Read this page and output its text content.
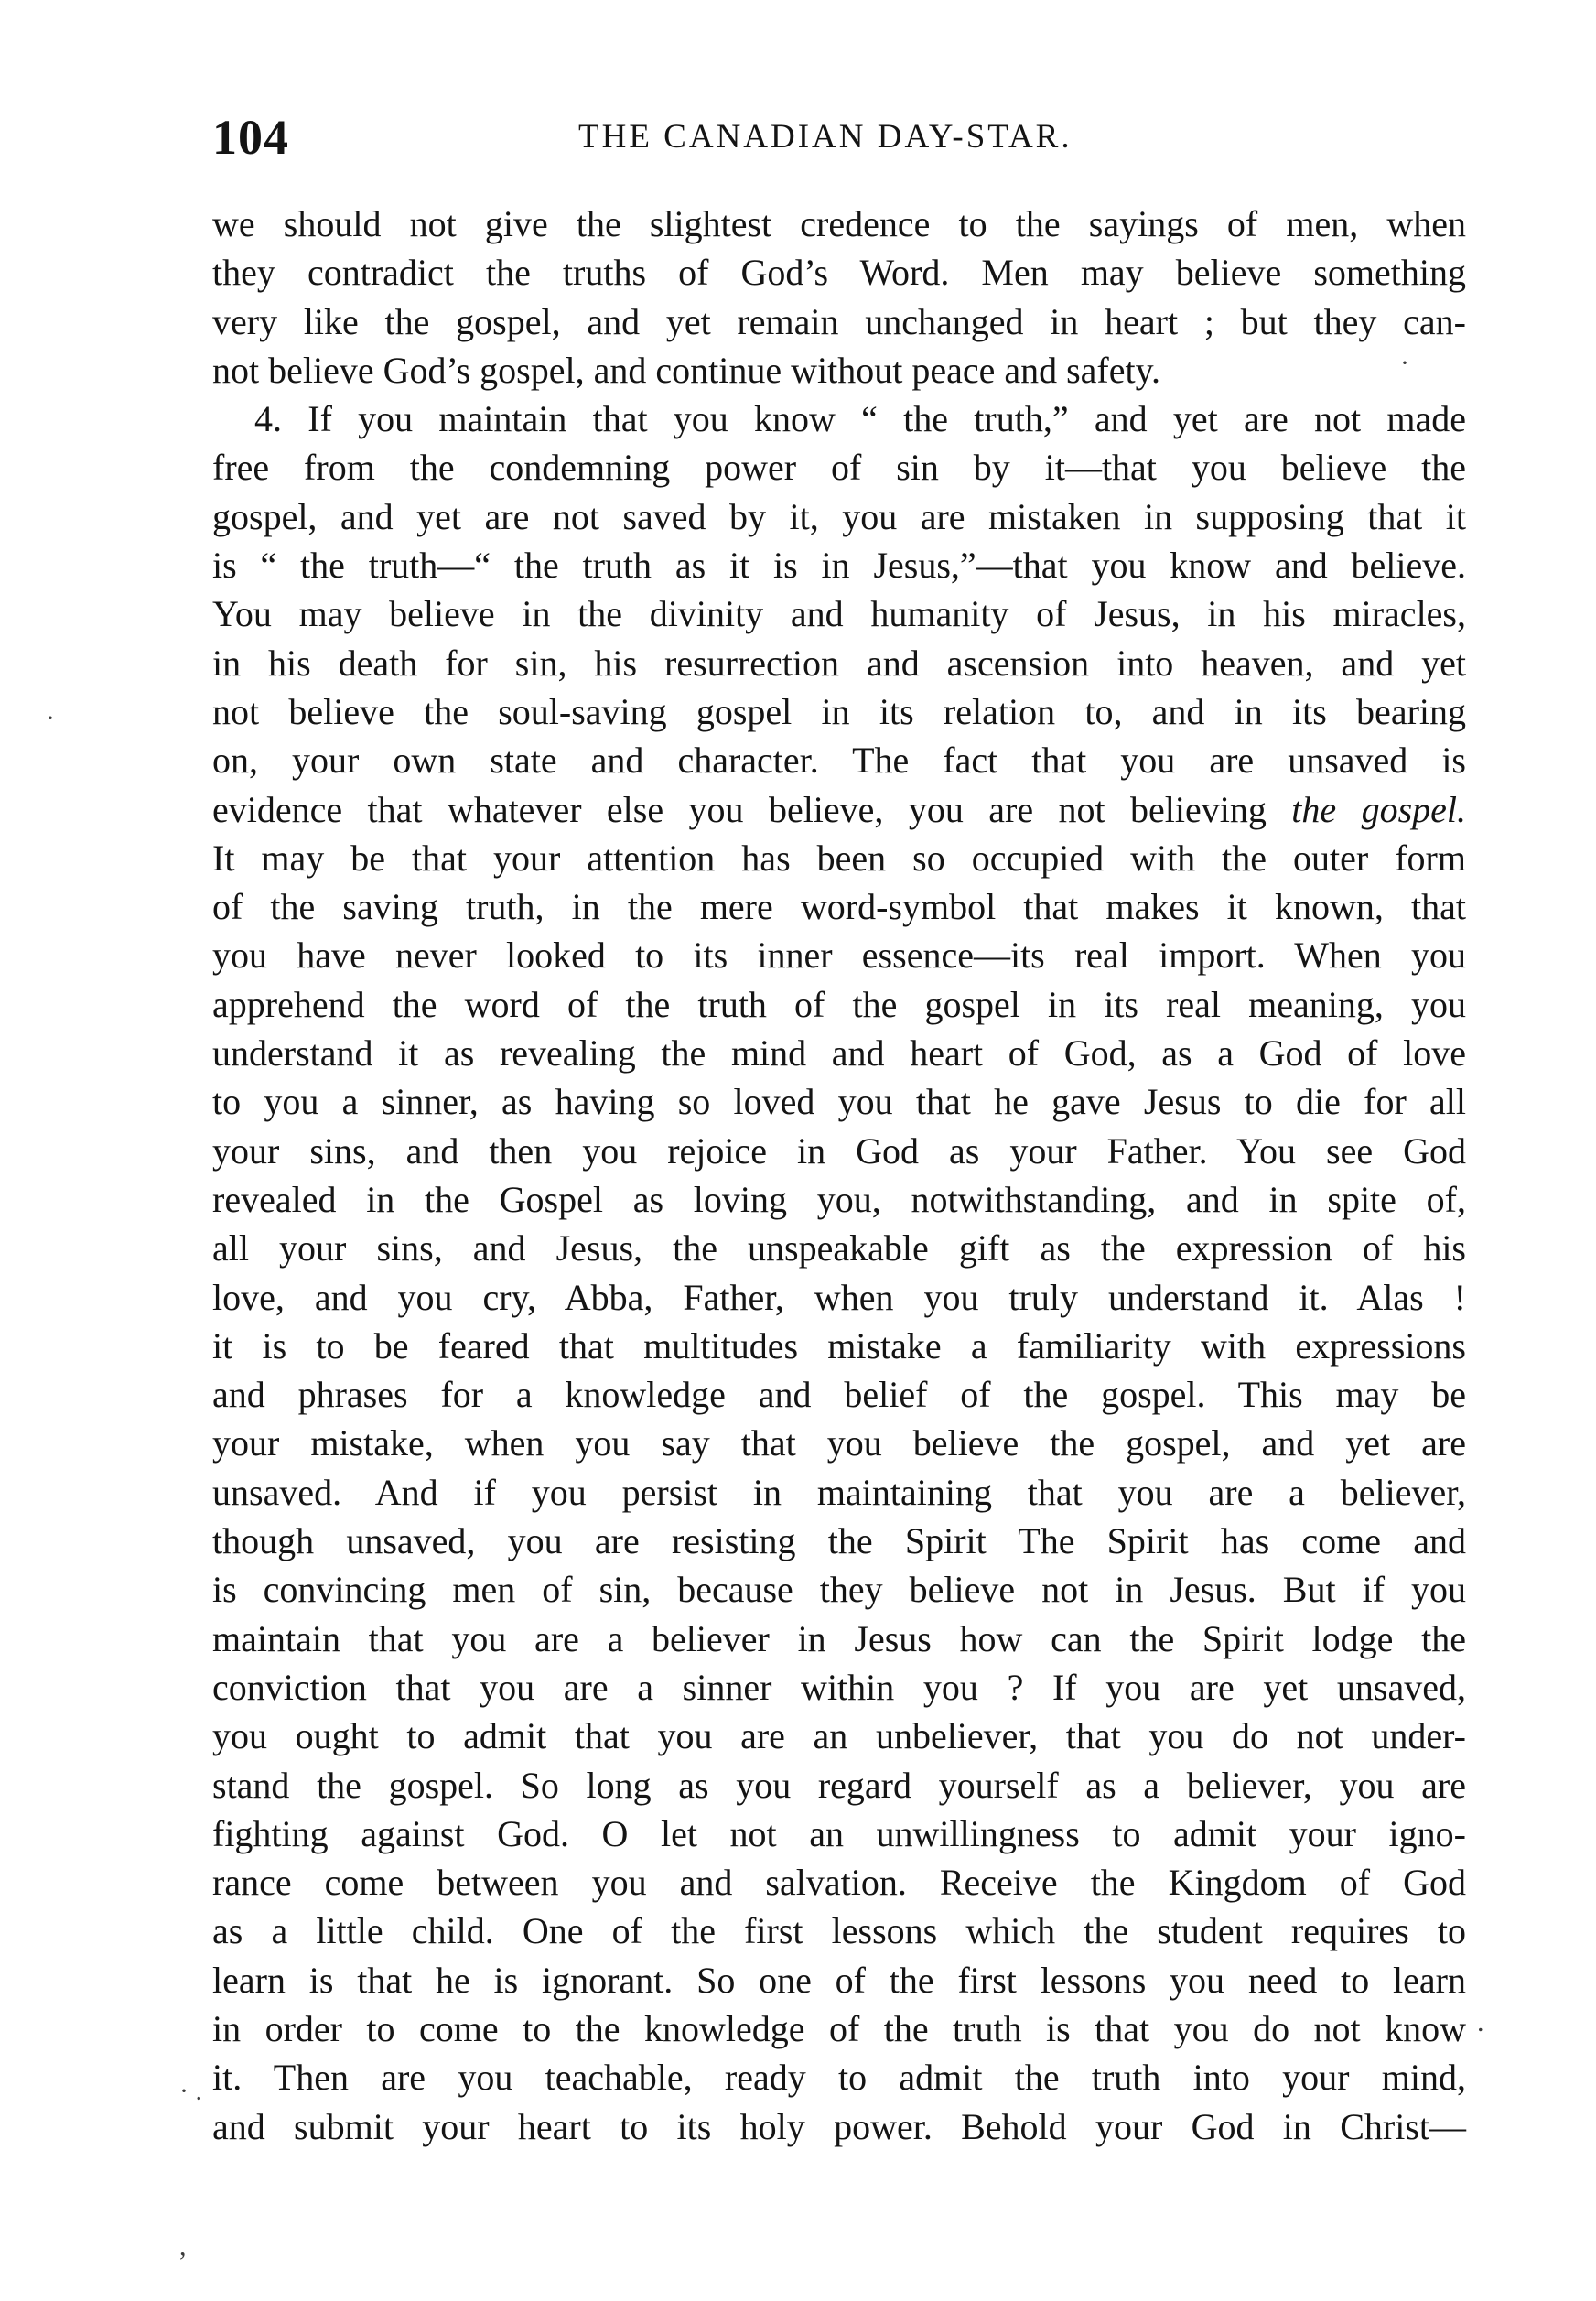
104	THE CANADIAN DAY-STAR.
we should not give the slightest credence to the sayings of men, when
they contradict the truths of God’s Word. Men may believe something
very like the gospel, and yet remain unchanged in heart ; but they can-
not believe God’s gospel, and continue without peace and safety.
4. If you maintain that you know “ the truth,” and yet are not made
free from the condemning power of sin by it—that you believe the
gospel, and yet are not saved by it, you are mistaken in supposing that it
is “ the truth—“ the truth as it is in Jesus,”—that you know and believe.
You may believe in the divinity and humanity of Jesus, in his miracles,
in his death for sin, his resurrection and ascension into heaven, and yet
not believe the soul-saving gospel in its relation to, and in its bearing
on, your own state and character. The fact that you are unsaved is
evidence that whatever else you believe, you are not believing the gospel.
It may be that your attention has been so occupied with the outer form
of the saving truth, in the mere word-symbol that makes it known, that
you have never looked to its inner essence—its real import. When you
apprehend the word of the truth of the gospel in its real meaning, you
understand it as revealing the mind and heart of God, as a God of love
to you a sinner, as having so loved you that he gave Jesus to die for all
your sins, and then you rejoice in God as your Father. You see God
revealed in the Gospel as loving you, notwithstanding, and in spite of,
all your sins, and Jesus, the unspeakable gift as the expression of his
love, and you cry, Abba, Father, when you truly understand it. Alas !
it is to be feared that multitudes mistake a familiarity with expressions
and phrases for a knowledge and belief of the gospel. This may be
your mistake, when you say that you believe the gospel, and yet are
unsaved. And if you persist in maintaining that you are a believer,
though unsaved, you are resisting the Spirit The Spirit has come and
is convincing men of sin, because they believe not in Jesus. But if you
maintain that you are a believer in Jesus how can the Spirit lodge the
conviction that you are a sinner within you ? If you are yet unsaved,
you ought to admit that you are an unbeliever, that you do not under-
stand the gospel. So long as you regard yourself as a believer, you are
fighting against God. O let not an unwillingness to admit your igno-
rance come between you and salvation. Receive the Kingdom of God
as a little child. One of the first lessons which the student requires to
learn is that he is ignorant. So one of the first lessons you need to learn
in order to come to the knowledge of the truth is that you do not know
it. Then are you teachable, ready to admit the truth into your mind,
and submit your heart to its holy power. Behold your God in Christ—
·
·
.
· .
,
